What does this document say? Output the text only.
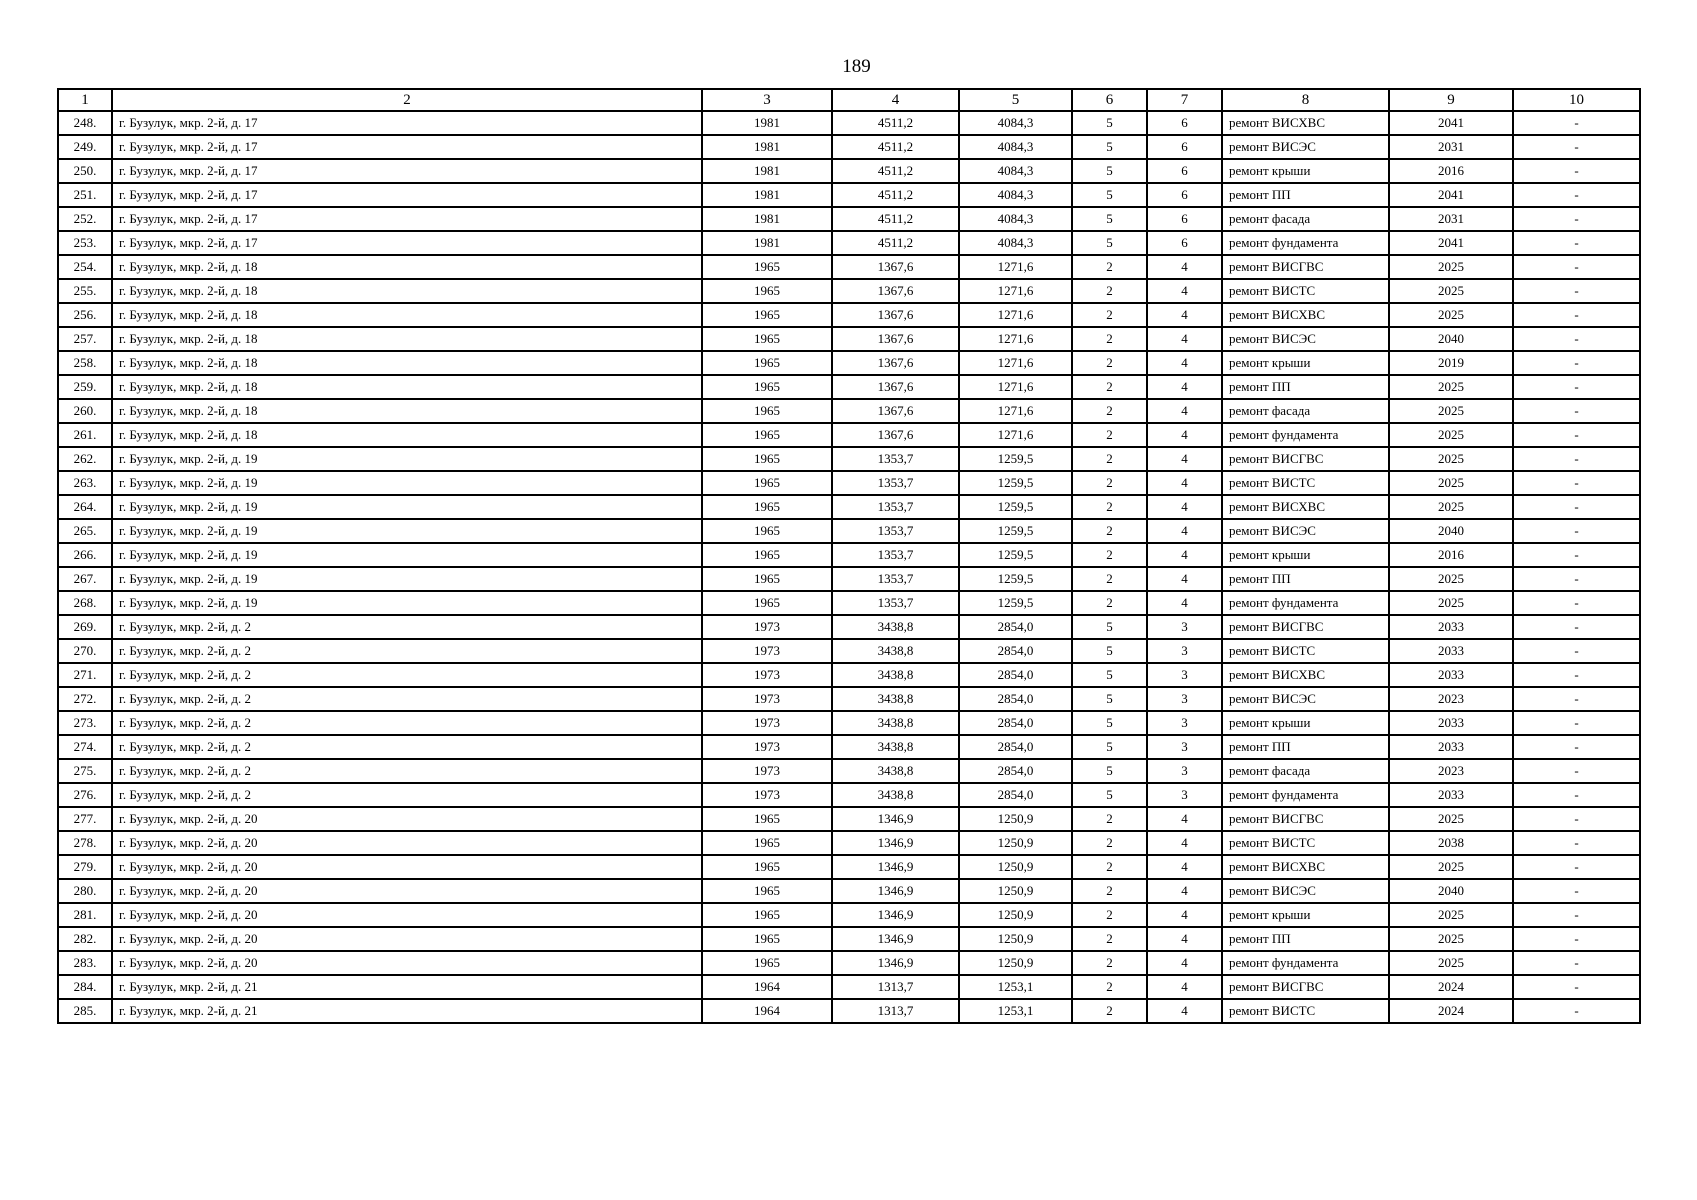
189
1	2	3	4	5	6	7	8	9	10
248.	г. Бузулук, мкр. 2-й, д. 17	1981	4511,2	4084,3	5	6	ремонт ВИСХВС	2041	-
249.	г. Бузулук, мкр. 2-й, д. 17	1981	4511,2	4084,3	5	6	ремонт ВИСЭС	2031	-
250.	г. Бузулук, мкр. 2-й, д. 17	1981	4511,2	4084,3	5	6	ремонт крыши	2016	-
251.	г. Бузулук, мкр. 2-й, д. 17	1981	4511,2	4084,3	5	6	ремонт ПП	2041	-
252.	г. Бузулук, мкр. 2-й, д. 17	1981	4511,2	4084,3	5	6	ремонт фасада	2031	-
253.	г. Бузулук, мкр. 2-й, д. 17	1981	4511,2	4084,3	5	6	ремонт фундамента	2041	-
254.	г. Бузулук, мкр. 2-й, д. 18	1965	1367,6	1271,6	2	4	ремонт ВИСГВС	2025	-
255.	г. Бузулук, мкр. 2-й, д. 18	1965	1367,6	1271,6	2	4	ремонт ВИСТС	2025	-
256.	г. Бузулук, мкр. 2-й, д. 18	1965	1367,6	1271,6	2	4	ремонт ВИСХВС	2025	-
257.	г. Бузулук, мкр. 2-й, д. 18	1965	1367,6	1271,6	2	4	ремонт ВИСЭС	2040	-
258.	г. Бузулук, мкр. 2-й, д. 18	1965	1367,6	1271,6	2	4	ремонт крыши	2019	-
259.	г. Бузулук, мкр. 2-й, д. 18	1965	1367,6	1271,6	2	4	ремонт ПП	2025	-
260.	г. Бузулук, мкр. 2-й, д. 18	1965	1367,6	1271,6	2	4	ремонт фасада	2025	-
261.	г. Бузулук, мкр. 2-й, д. 18	1965	1367,6	1271,6	2	4	ремонт фундамента	2025	-
262.	г. Бузулук, мкр. 2-й, д. 19	1965	1353,7	1259,5	2	4	ремонт ВИСГВС	2025	-
263.	г. Бузулук, мкр. 2-й, д. 19	1965	1353,7	1259,5	2	4	ремонт ВИСТС	2025	-
264.	г. Бузулук, мкр. 2-й, д. 19	1965	1353,7	1259,5	2	4	ремонт ВИСХВС	2025	-
265.	г. Бузулук, мкр. 2-й, д. 19	1965	1353,7	1259,5	2	4	ремонт ВИСЭС	2040	-
266.	г. Бузулук, мкр. 2-й, д. 19	1965	1353,7	1259,5	2	4	ремонт крыши	2016	-
267.	г. Бузулук, мкр. 2-й, д. 19	1965	1353,7	1259,5	2	4	ремонт ПП	2025	-
268.	г. Бузулук, мкр. 2-й, д. 19	1965	1353,7	1259,5	2	4	ремонт фундамента	2025	-
269.	г. Бузулук, мкр. 2-й, д. 2	1973	3438,8	2854,0	5	3	ремонт ВИСГВС	2033	-
270.	г. Бузулук, мкр. 2-й, д. 2	1973	3438,8	2854,0	5	3	ремонт ВИСТС	2033	-
271.	г. Бузулук, мкр. 2-й, д. 2	1973	3438,8	2854,0	5	3	ремонт ВИСХВС	2033	-
272.	г. Бузулук, мкр. 2-й, д. 2	1973	3438,8	2854,0	5	3	ремонт ВИСЭС	2023	-
273.	г. Бузулук, мкр. 2-й, д. 2	1973	3438,8	2854,0	5	3	ремонт крыши	2033	-
274.	г. Бузулук, мкр. 2-й, д. 2	1973	3438,8	2854,0	5	3	ремонт ПП	2033	-
275.	г. Бузулук, мкр. 2-й, д. 2	1973	3438,8	2854,0	5	3	ремонт фасада	2023	-
276.	г. Бузулук, мкр. 2-й, д. 2	1973	3438,8	2854,0	5	3	ремонт фундамента	2033	-
277.	г. Бузулук, мкр. 2-й, д. 20	1965	1346,9	1250,9	2	4	ремонт ВИСГВС	2025	-
278.	г. Бузулук, мкр. 2-й, д. 20	1965	1346,9	1250,9	2	4	ремонт ВИСТС	2038	-
279.	г. Бузулук, мкр. 2-й, д. 20	1965	1346,9	1250,9	2	4	ремонт ВИСХВС	2025	-
280.	г. Бузулук, мкр. 2-й, д. 20	1965	1346,9	1250,9	2	4	ремонт ВИСЭС	2040	-
281.	г. Бузулук, мкр. 2-й, д. 20	1965	1346,9	1250,9	2	4	ремонт крыши	2025	-
282.	г. Бузулук, мкр. 2-й, д. 20	1965	1346,9	1250,9	2	4	ремонт ПП	2025	-
283.	г. Бузулук, мкр. 2-й, д. 20	1965	1346,9	1250,9	2	4	ремонт фундамента	2025	-
284.	г. Бузулук, мкр. 2-й, д. 21	1964	1313,7	1253,1	2	4	ремонт ВИСГВС	2024	-
285.	г. Бузулук, мкр. 2-й, д. 21	1964	1313,7	1253,1	2	4	ремонт ВИСТС	2024	-
